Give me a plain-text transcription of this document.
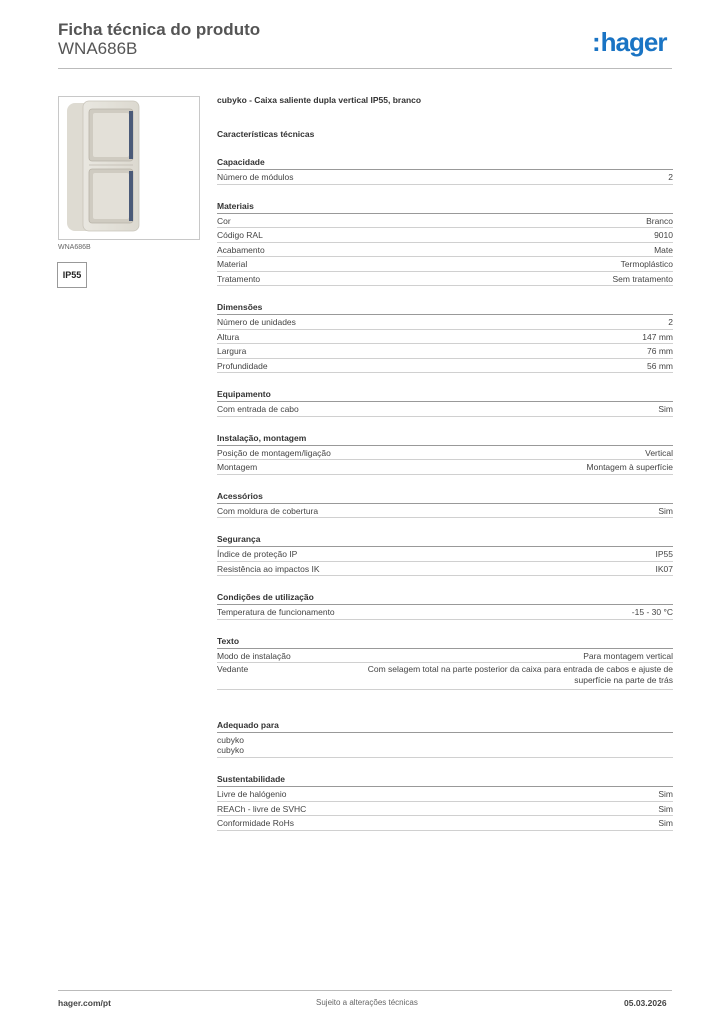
Ficha técnica do produto
WNA686B	:hager
WNA686B
IP55
cubyko - Caixa saliente dupla vertical IP55, branco
Características técnicas
Capacidade
Número de módulos	2
Materiais
Cor	Branco
Código RAL	9010
Acabamento	Mate
Material	Termoplástico
Tratamento	Sem tratamento
Dimensões
Número de unidades	2
Altura	147 mm
Largura	76 mm
Profundidade	56 mm
Equipamento
Com entrada de cabo	Sim
Instalação, montagem
Posição de montagem/ligação	Vertical
Montagem	Montagem à superfície
Acessórios
Com moldura de cobertura	Sim
Segurança
Índice de proteção IP	IP55
Resistência ao impactos IK	IK07
Condições de utilização
Temperatura de funcionamento	-15 - 30 °C
Texto
Modo de instalação	Para montagem vertical
Vedante	Com selagem total na parte posterior da caixa para entrada de cabos e ajuste de superfície na parte de trás
Adequado para
cubyko
cubyko
Sustentabilidade
Livre de halógenio	Sim
REACh - livre de SVHC	Sim
Conformidade RoHs	Sim
hager.com/pt	Sujeito a alterações técnicas	05.03.2026
